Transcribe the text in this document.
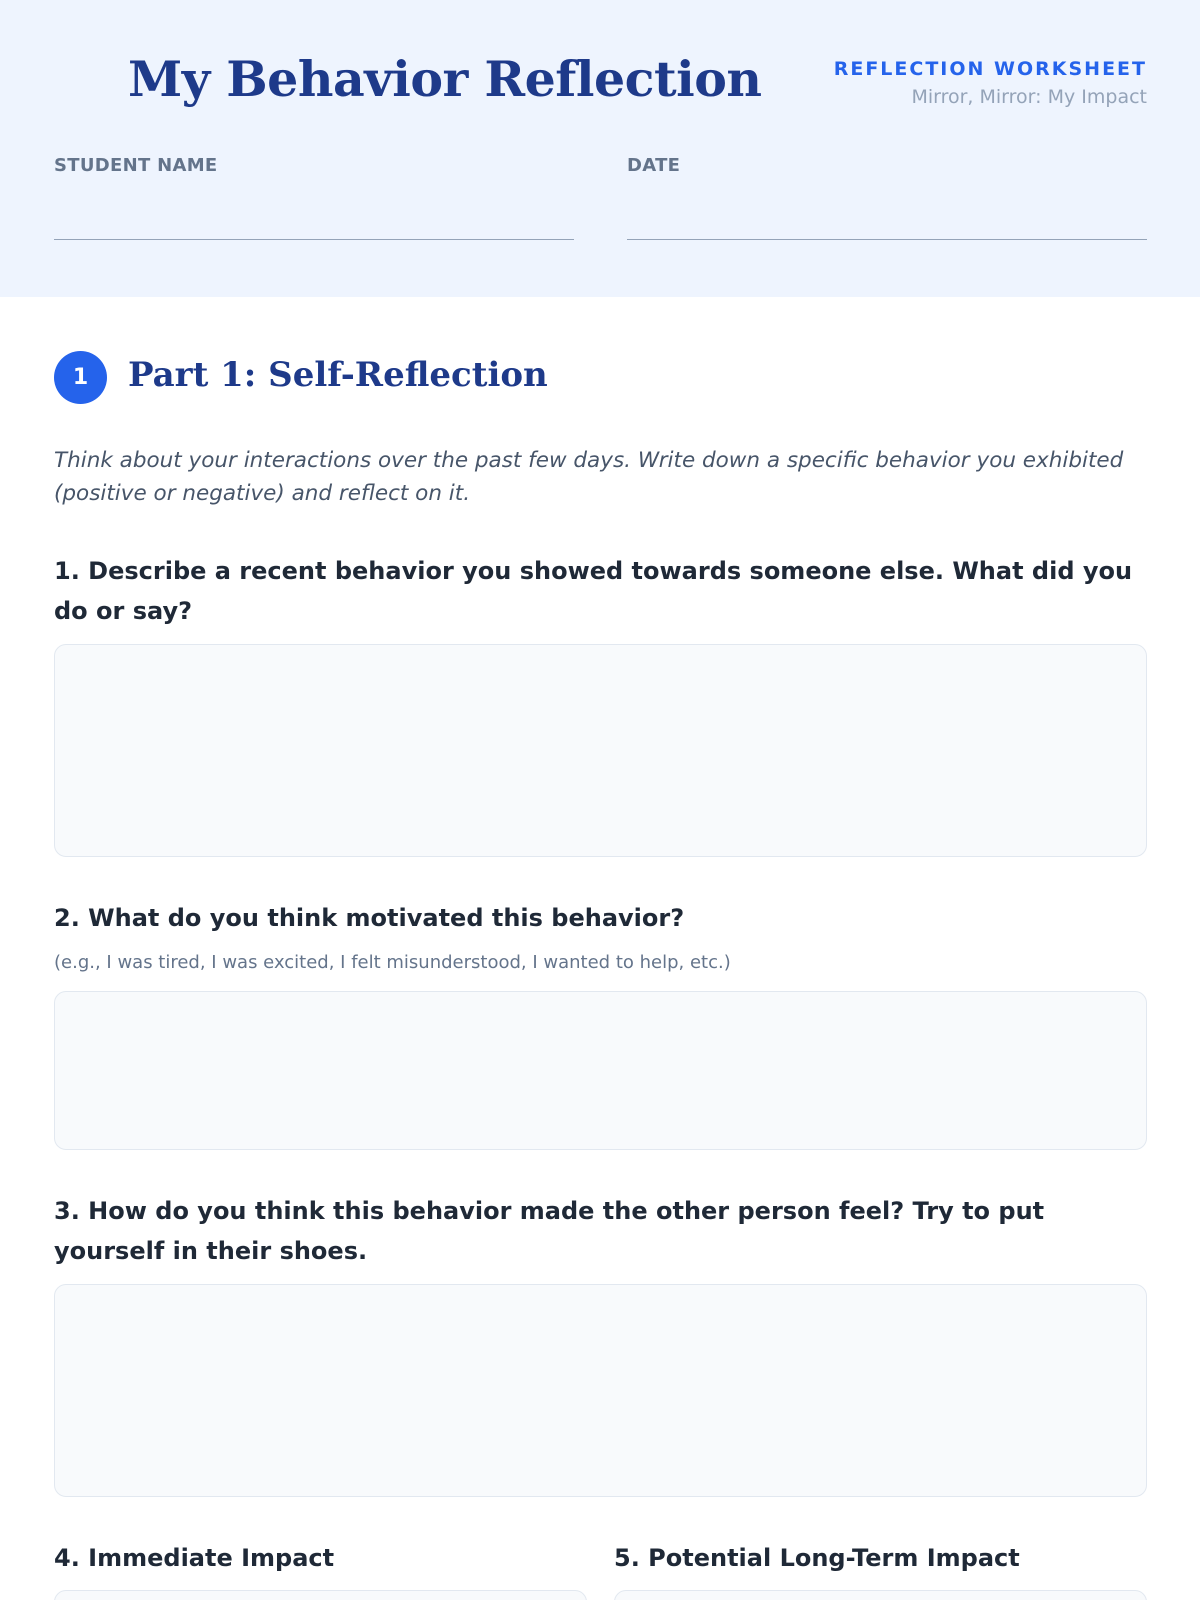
My Behavior Reflection	REFLECTION WORKSHEET
Mirror, Mirror: My Impact
STUDENT NAME	DATE
1	Part 1: Self-Reflection
Think about your interactions over the past few days. Write down a specific behavior you exhibited (positive or negative) and reflect on it.
1. Describe a recent behavior you showed towards someone else. What did you do or say?
2. What do you think motivated this behavior?
(e.g., I was tired, I was excited, I felt misunderstood, I wanted to help, etc.)
3. How do you think this behavior made the other person feel? Try to put yourself in their shoes.
4. Immediate Impact	5. Potential Long-Term Impact
